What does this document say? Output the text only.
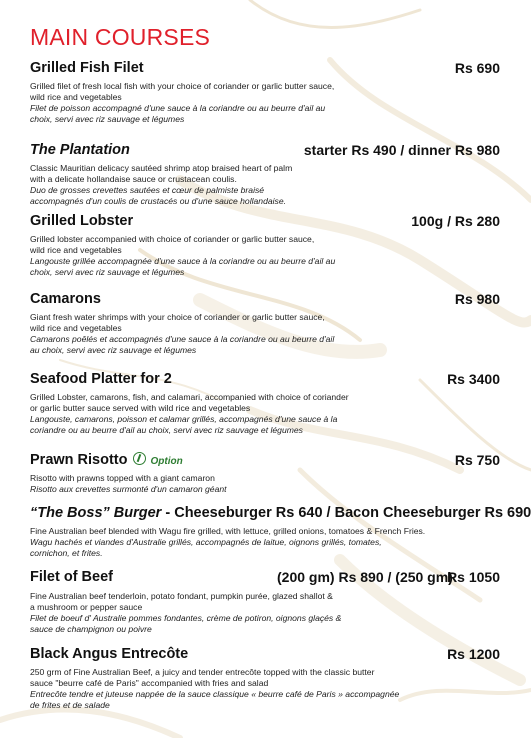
MAIN COURSES
Grilled Fish Filet	Rs 690
Grilled filet of fresh local fish with your choice of coriander or garlic butter sauce,
wild rice and vegetables
Filet de poisson accompagné d'une sauce à la coriandre ou au beurre d'ail au
choix, servi avec riz sauvage et légumes
The Plantation	starter Rs 490 / dinner Rs 980
Classic Mauritian delicacy sautéed shrimp atop braised heart of palm
with a delicate hollandaise sauce or crustacean coulis.
Duo de grosses crevettes sautées et cœur de palmiste braisé
accompagnés d'un coulis de crustacés ou d'une sauce hollandaise.
Grilled Lobster	100g / Rs 280
Grilled lobster accompanied with choice of coriander or garlic butter sauce,
wild rice and vegetables
Langouste grillée accompagnée d'une sauce à la coriandre ou au beurre d'ail au
choix, servi avec riz sauvage et légumes
Camarons	Rs 980
Giant fresh water shrimps with your choice of coriander or garlic butter sauce,
wild rice and vegetables
Camarons poêlés et accompagnés d'une sauce à la coriandre ou au beurre d'ail
au choix, servi avec riz sauvage et légumes
Seafood Platter for 2	Rs 3400
Grilled Lobster, camarons, fish, and calamari, accompanied with choice of coriander
or garlic butter sauce served with wild rice and vegetables
Langouste, camarons, poisson et calamar grillés, accompagnés d'une sauce à la
coriandre ou au beurre d'ail au choix, servi avec riz sauvage et légumes
Prawn Risotto Option	Rs 750
Risotto with prawns topped with a giant camaron
Risotto aux crevettes surmonté d'un camaron géant
“The Boss” Burger - Cheeseburger Rs 640 / Bacon Cheeseburger Rs 690
Fine Australian beef blended with Wagu fire grilled, with lettuce, grilled onions, tomatoes & French Fries.
Wagu hachés et viandes d'Australie grillés, accompagnés de laitue, oignons grillés, tomates,
cornichon, et frites.
Filet of Beef	(200 gm) Rs 890 / (250 gm)
Rs 1050
Fine Australian beef tenderloin, potato fondant, pumpkin purée, glazed shallot &
a mushroom or pepper sauce
Filet de boeuf d' Australie pommes fondantes, crème de potiron, oignons glaçés &
sauce de champignon ou poivre
Black Angus Entrecôte	Rs 1200
250 grm of Fine Australian Beef, a juicy and tender entrecôte topped with the classic butter
sauce "beurre café de Paris" accompanied with fries and salad
Entrecôte tendre et juteuse nappée de la sauce classique « beurre café de Paris » accompagnée
de frites et de salade
